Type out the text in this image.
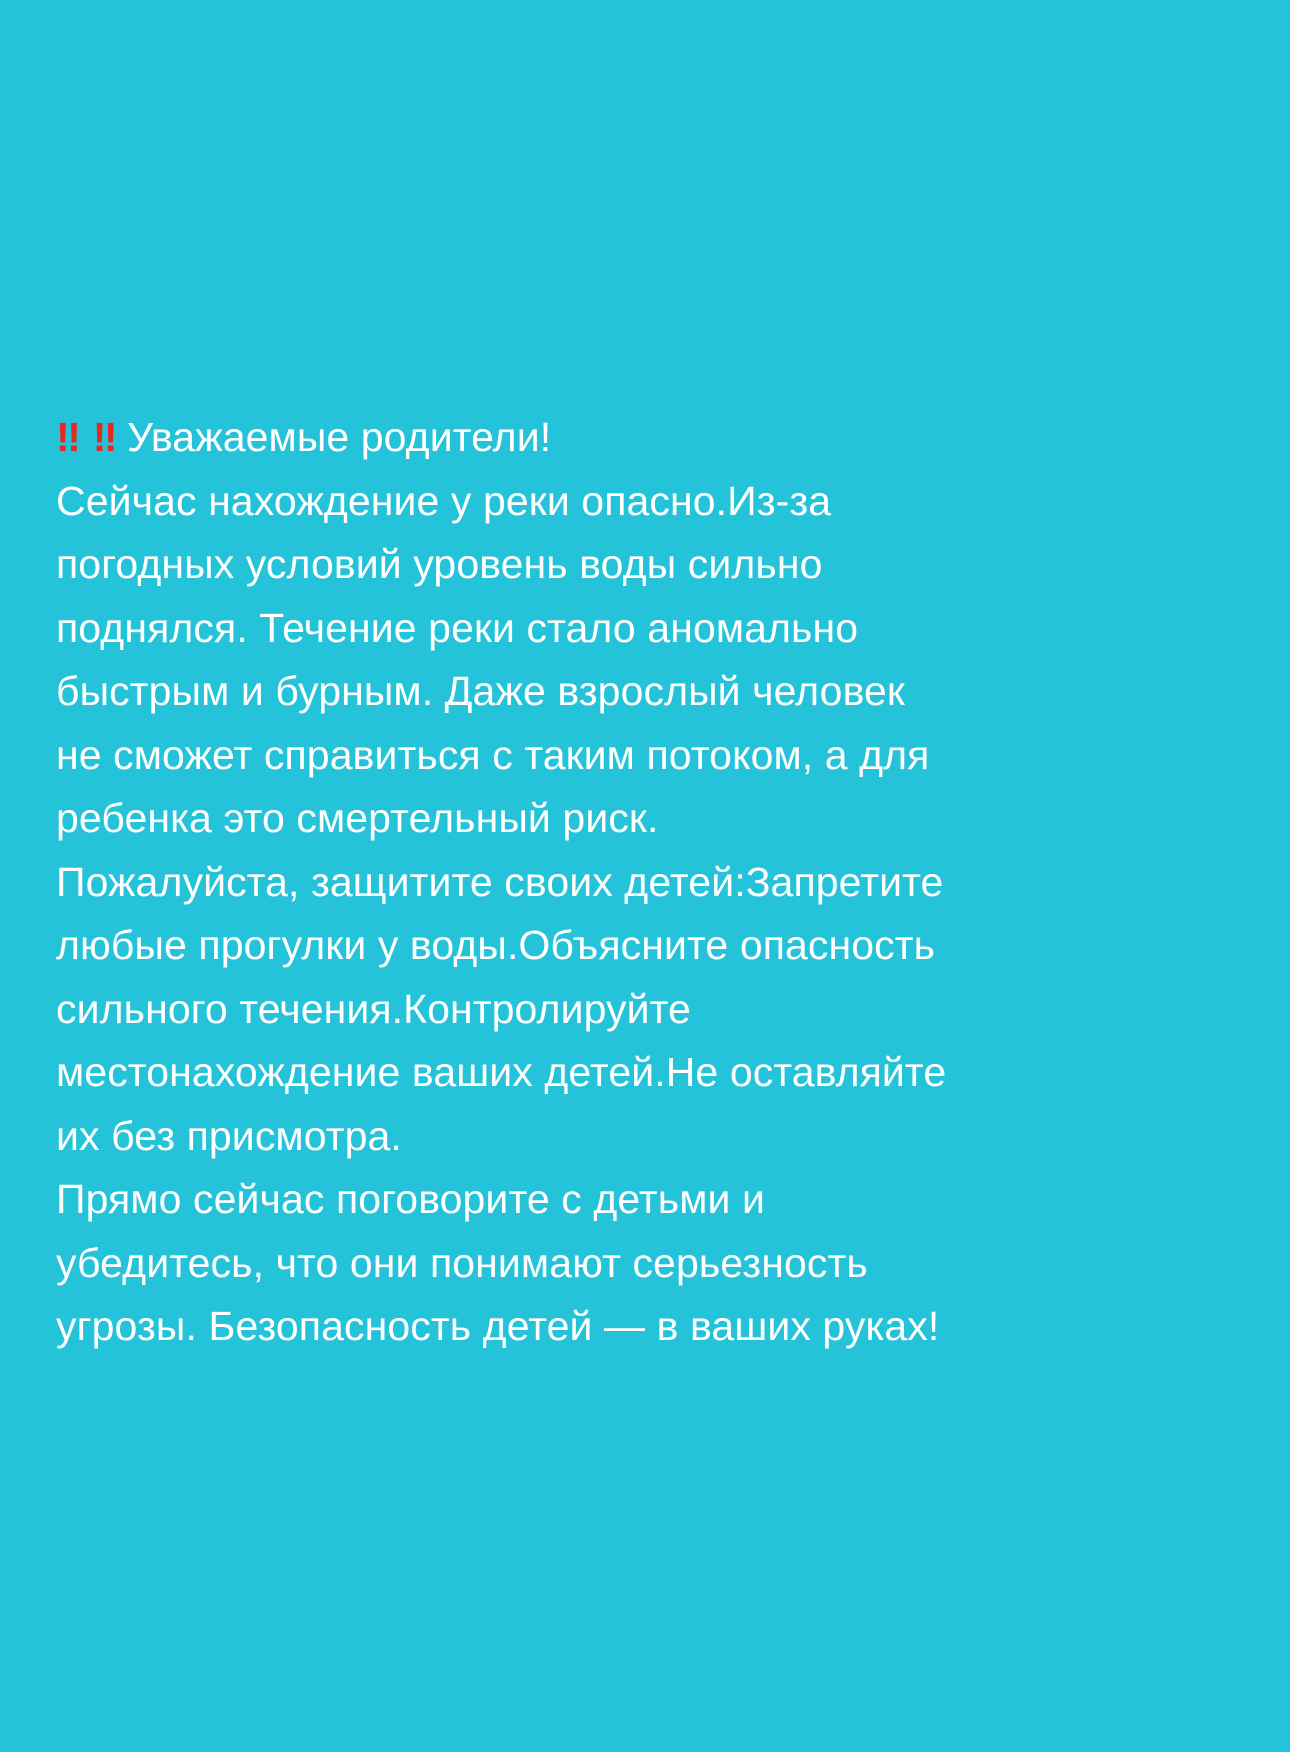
‼ ‼ Уважаемые родители!
Сейчас нахождение у реки опасно.Из-за
погодных условий уровень воды сильно
поднялся. Течение реки стало аномально
быстрым и бурным. Даже взрослый человек
не сможет справиться с таким потоком, а для
ребенка это смертельный риск.
Пожалуйста, защитите своих детей:Запретите
любые прогулки у воды.Объясните опасность
сильного течения.Контролируйте
местонахождение ваших детей.Не оставляйте
их без присмотра.
Прямо сейчас поговорите с детьми и
убедитесь, что они понимают серьезность
угрозы. Безопасность детей — в ваших руках!
